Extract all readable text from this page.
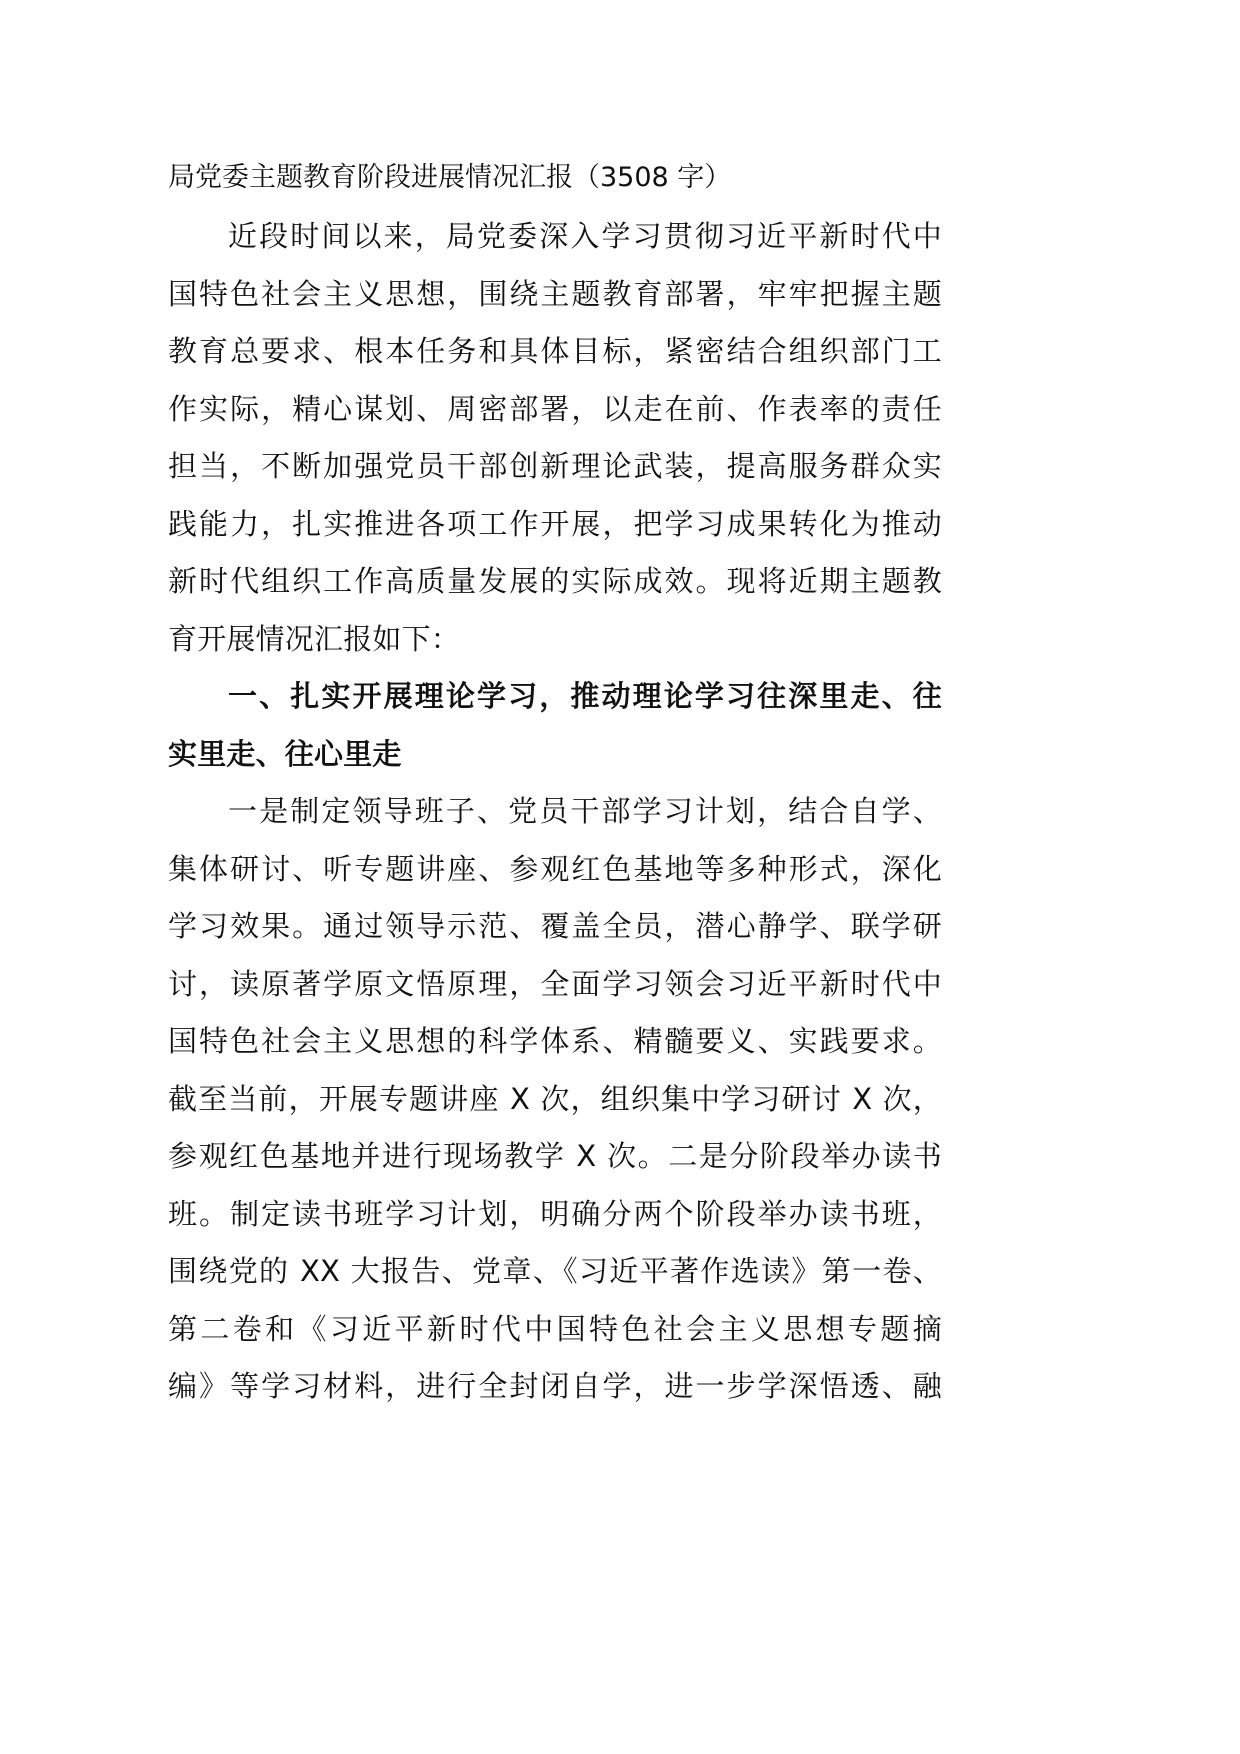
局党委主题教育阶段进展情况汇报（3508 字）
近段时间以来，局党委深入学习贯彻习近平新时代中
国特色社会主义思想，围绕主题教育部署，牢牢把握主题
教育总要求、根本任务和具体目标，紧密结合组织部门工
作实际，精心谋划、周密部署，以走在前、作表率的责任
担当，不断加强党员干部创新理论武装，提高服务群众实
践能力，扎实推进各项工作开展，把学习成果转化为推动
新时代组织工作高质量发展的实际成效。现将近期主题教
育开展情况汇报如下：
一、扎实开展理论学习，推动理论学习往深里走、往
实里走、往心里走
一是制定领导班子、党员干部学习计划，结合自学、
集体研讨、听专题讲座、参观红色基地等多种形式，深化
学习效果。通过领导示范、覆盖全员，潜心静学、联学研
讨，读原著学原文悟原理，全面学习领会习近平新时代中
国特色社会主义思想的科学体系、精髓要义、实践要求。
截至当前，开展专题讲座 X 次，组织集中学习研讨 X 次，
参观红色基地并进行现场教学 X 次。二是分阶段举办读书
班。制定读书班学习计划，明确分两个阶段举办读书班，
围绕党的 XX 大报告、党章、《习近平著作选读》第一卷、
第二卷和《习近平新时代中国特色社会主义思想专题摘
编》等学习材料，进行全封闭自学，进一步学深悟透、融
